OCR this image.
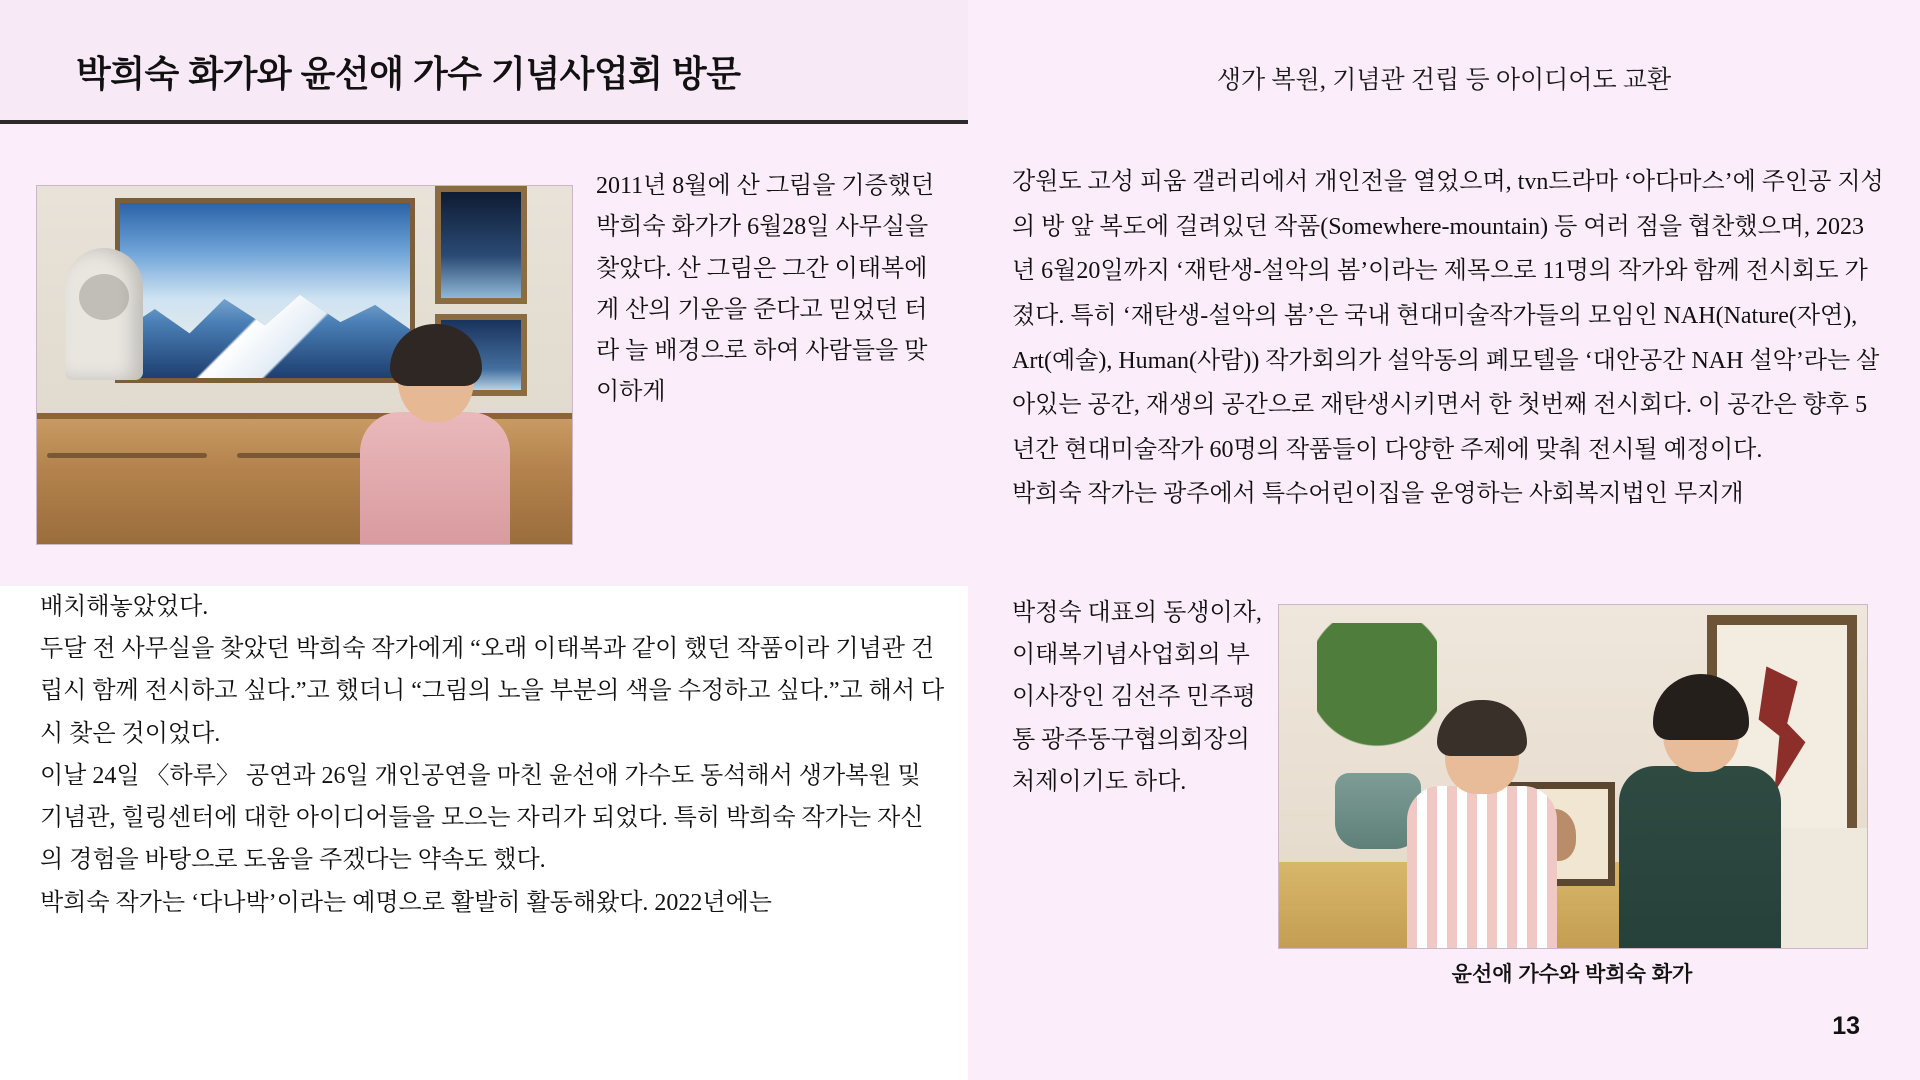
박희숙 화가와 윤선애 가수 기념사업회 방문	생가 복원, 기념관 건립 등 아이디어도 교환
2011년 8월에 산 그림을 기증했던 박희숙 화가가 6월28일 사무실을 찾았다. 산 그림은 그간 이태복에게 산의 기운을 준다고 믿었던 터라 늘 배경으로 하여 사람들을 맞이하게

배치해놓았었다.

두달 전 사무실을 찾았던 박희숙 작가에게 “오래 이태복과 같이 했던 작품이라 기념관 건립시 함께 전시하고 싶다.”고 했더니 “그림의 노을 부분의 색을 수정하고 싶다.”고 해서 다시 찾은 것이었다.

이날 24일 〈하루〉 공연과 26일 개인공연을 마친 윤선애 가수도 동석해서 생가복원 및 기념관, 힐링센터에 대한 아이디어들을 모으는 자리가 되었다. 특히 박희숙 작가는 자신의 경험을 바탕으로 도움을 주겠다는 약속도 했다.

박희숙 작가는 ‘다나박’이라는 예명으로 활발히 활동해왔다. 2022년에는

강원도 고성 피움 갤러리에서 개인전을 열었으며, tvn드라마 ‘아다마스’에 주인공 지성의 방 앞 복도에 걸려있던 작품(Somewhere-mountain) 등 여러 점을 협찬했으며, 2023년 6월20일까지 ‘재탄생-설악의 봄’이라는 제목으로 11명의 작가와 함께 전시회도 가졌다. 특히 ‘재탄생-설악의 봄’은 국내 현대미술작가들의 모임인 NAH(Nature(자연), Art(예술), Human(사람)) 작가회의가 설악동의 폐모텔을 ‘대안공간 NAH 설악’라는 살아있는 공간, 재생의 공간으로 재탄생시키면서 한 첫번째 전시회다. 이 공간은 향후 5년간 현대미술작가 60명의 작품들이 다양한 주제에 맞춰 전시될 예정이다.

박희숙 작가는 광주에서 특수어린이집을 운영하는 사회복지법인 무지개

박정숙 대표의 동생이자, 이태복기념사업회의 부이사장인 김선주 민주평통 광주동구협의회장의 처제이기도 하다.
윤선애 가수와 박희숙 화가
13
